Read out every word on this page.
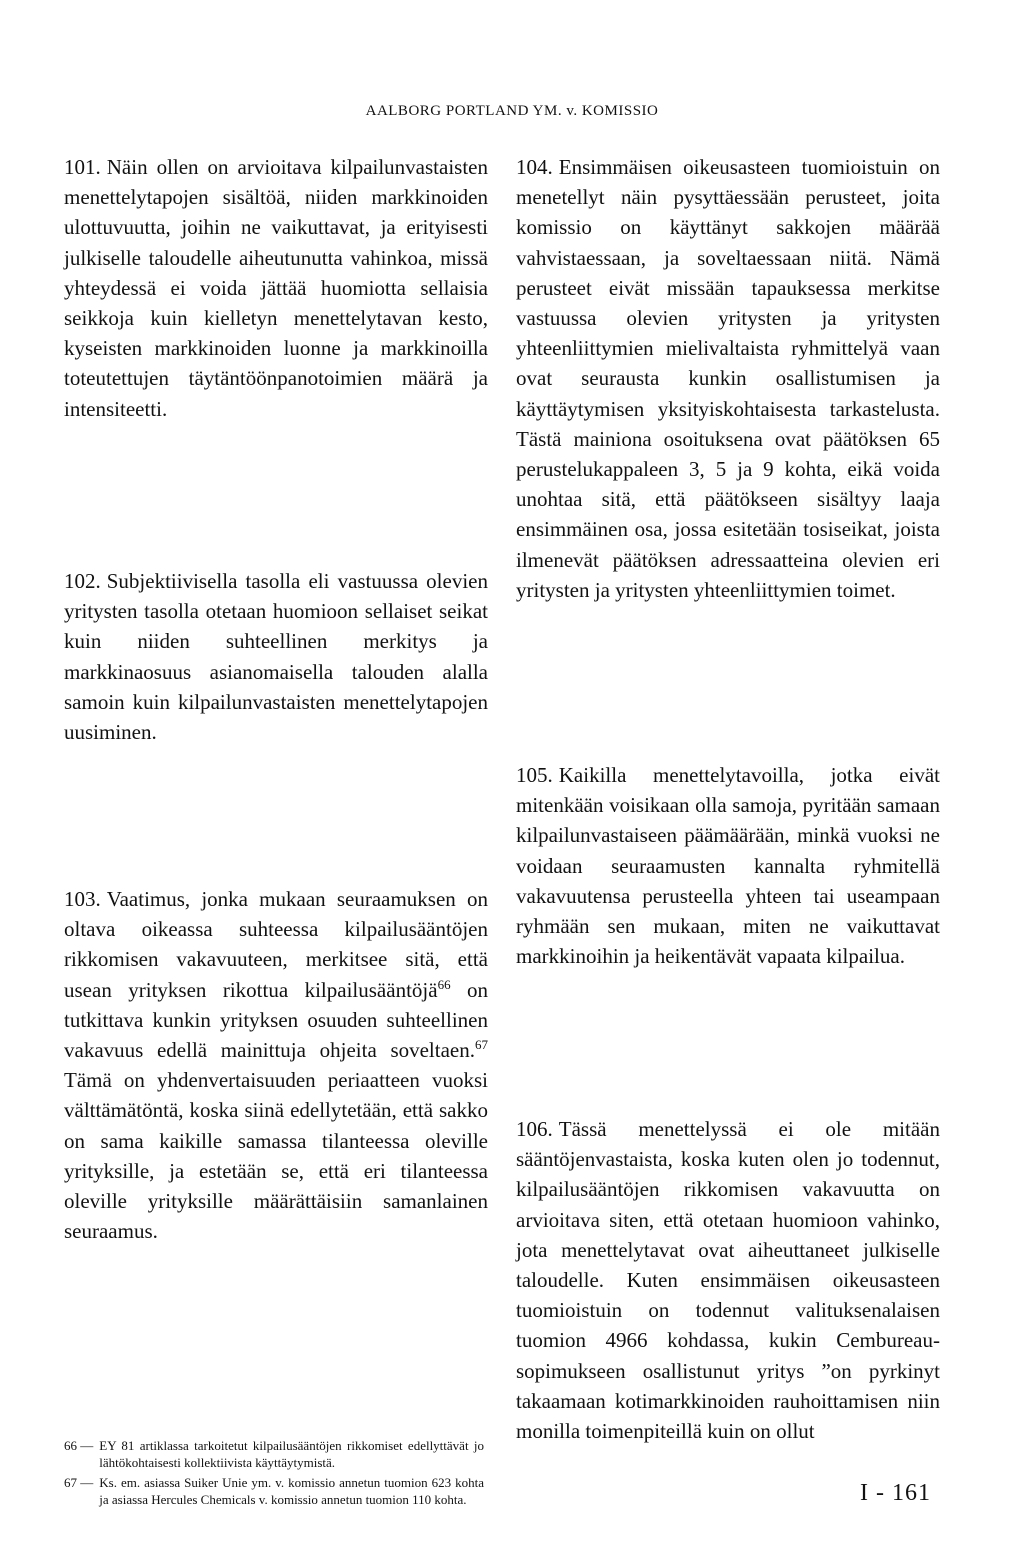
AALBORG PORTLAND YM. v. KOMISSIO

101. Näin ollen on arvioitava kilpailunvastaisten menettelytapojen sisältöä, niiden markkinoiden ulottuvuutta, joihin ne vaikuttavat, ja erityisesti julkiselle taloudelle aiheutunutta vahinkoa, missä yhteydessä ei voida jättää huomiotta sellaisia seikkoja kuin kielletyn menettelytavan kesto, kyseisten markkinoiden luonne ja markkinoilla toteutettujen täytäntöönpanotoimien määrä ja intensiteetti.

102. Subjektiivisella tasolla eli vastuussa olevien yritysten tasolla otetaan huomioon sellaiset seikat kuin niiden suhteellinen merkitys ja markkinaosuus asianomaisella talouden alalla samoin kuin kilpailunvastaisten menettelytapojen uusiminen.

103. Vaatimus, jonka mukaan seuraamuksen on oltava oikeassa suhteessa kilpailusääntöjen rikkomisen vakavuuteen, merkitsee sitä, että usean yrityksen rikottua kilpailusääntöjä$^{66}$ on tutkittava kunkin yrityksen osuuden suhteellinen vakavuus edellä mainittuja ohjeita soveltaen.$^{67}$ Tämä on yhdenvertaisuuden periaatteen vuoksi välttämätöntä, koska siinä edellytetään, että sakko on sama kaikille samassa tilanteessa oleville yrityksille, ja estetään se, että eri tilanteessa oleville yrityksille määrättäisiin samanlainen seuraamus.

66 — EY 81 artiklassa tarkoitetut kilpailusääntöjen rikkomiset edellyttävät jo lähtökohtaisesti kollektiivista käyttäytymistä.
67 — Ks. em. asiassa Suiker Unie ym. v. komissio annetun tuomion 623 kohta ja asiassa Hercules Chemicals v. komissio annetun tuomion 110 kohta.

104. Ensimmäisen oikeusasteen tuomioistuin on menetellyt näin pysyttäessään perusteet, joita komissio on käyttänyt sakkojen määrää vahvistaessaan, ja soveltaessaan niitä. Nämä perusteet eivät missään tapauksessa merkitse vastuussa olevien yritysten ja yritysten yhteenliittymien mielivaltaista ryhmittelyä vaan ovat seurausta kunkin osallistumisen ja käyttäytymisen yksityiskohtaisesta tarkastelusta. Tästä mainiona osoituksena ovat päätöksen 65 perustelukappaleen 3, 5 ja 9 kohta, eikä voida unohtaa sitä, että päätökseen sisältyy laaja ensimmäinen osa, jossa esitetään tosiseikat, joista ilmenevät päätöksen adressaatteina olevien eri yritysten ja yritysten yhteenliittymien toimet.

105. Kaikilla menettelytavoilla, jotka eivät mitenkään voisikaan olla samoja, pyritään samaan kilpailunvastaiseen päämäärään, minkä vuoksi ne voidaan seuraamusten kannalta ryhmitellä vakavuutensa perusteella yhteen tai useampaan ryhmään sen mukaan, miten ne vaikuttavat markkinoihin ja heikentävät vapaata kilpailua.

106. Tässä menettelyssä ei ole mitään sääntöjenvastaista, koska kuten olen jo todennut, kilpailusääntöjen rikkomisen vakavuutta on arvioitava siten, että otetaan huomioon vahinko, jota menettelytavat ovat aiheuttaneet julkiselle taloudelle. Kuten ensimmäisen oikeusasteen tuomioistuin on todennut valituksenalaisen tuomion 4966 kohdassa, kukin Cembureau-sopimukseen osallistunut yritys ”on pyrkinyt takaamaan kotimarkkinoiden rauhoittamisen niin monilla toimenpiteillä kuin on ollut

I - 161
